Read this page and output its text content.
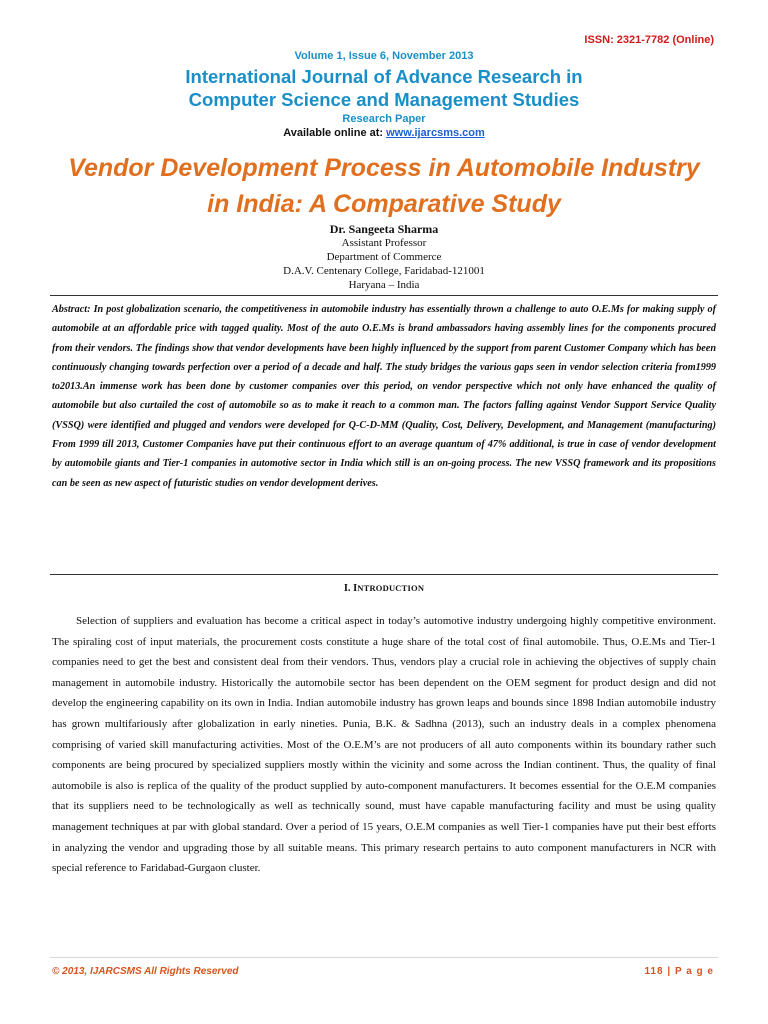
ISSN: 2321-7782 (Online)

Volume 1, Issue 6, November 2013

International Journal of Advance Research in
Computer Science and Management Studies

Research Paper

Available online at: www.ijarcsms.com

Vendor Development Process in Automobile Industry
in India: A Comparative Study
Dr. Sangeeta Sharma
Assistant Professor
Department of Commerce
D.A.V. Centenary College, Faridabad-121001
Haryana – India

Abstract: In post globalization scenario, the competitiveness in automobile industry has essentially thrown a challenge to auto O.E.Ms for making supply of automobile at an affordable price with tagged quality. Most of the auto O.E.Ms is brand ambassadors having assembly lines for the components procured from their vendors. The findings show that vendor developments have been highly influenced by the support from parent Customer Company which has been continuously changing towards perfection over a period of a decade and half. The study bridges the various gaps seen in vendor selection criteria from1999 to2013.An immense work has been done by customer companies over this period, on vendor perspective which not only have enhanced the quality of automobile but also curtailed the cost of automobile so as to make it reach to a common man. The factors falling against Vendor Support Service Quality (VSSQ) were identified and plugged and vendors were developed for Q-C-D-MM (Quality, Cost, Delivery, Development, and Management (manufacturing) From 1999 till 2013, Customer Companies have put their continuous effort to an average quantum of 47% additional, is true in case of vendor development by automobile giants and Tier-1 companies in automotive sector in India which still is an on-going process. The new VSSQ framework and its propositions can be seen as new aspect of futuristic studies on vendor development derives.

I. INTRODUCTION

Selection of suppliers and evaluation has become a critical aspect in today’s automotive industry undergoing highly competitive environment. The spiraling cost of input materials, the procurement costs constitute a huge share of the total cost of final automobile. Thus, O.E.Ms and Tier-1 companies need to get the best and consistent deal from their vendors. Thus, vendors play a crucial role in achieving the objectives of supply chain management in automobile industry. Historically the automobile sector has been dependent on the OEM segment for product design and did not develop the engineering capability on its own in India. Indian automobile industry has grown leaps and bounds since 1898 Indian automobile industry has grown multifariously after globalization in early nineties. Punia, B.K. & Sadhna (2013), such an industry deals in a complex phenomena comprising of varied skill manufacturing activities. Most of the O.E.M’s are not producers of all auto components within its boundary rather such components are being procured by specialized suppliers mostly within the vicinity and some across the Indian continent. Thus, the quality of final automobile is also is replica of the quality of the product supplied by auto-component manufacturers. It becomes essential for the O.E.M companies that its suppliers need to be technologically as well as technically sound, must have capable manufacturing facility and must be using quality management techniques at par with global standard. Over a period of 15 years, O.E.M companies as well Tier-1 companies have put their best efforts in analyzing the vendor and upgrading those by all suitable means. This primary research pertains to auto component manufacturers in NCR with special reference to Faridabad-Gurgaon cluster.

© 2013, IJARCSMS All Rights Reserved	118 | P a g e
